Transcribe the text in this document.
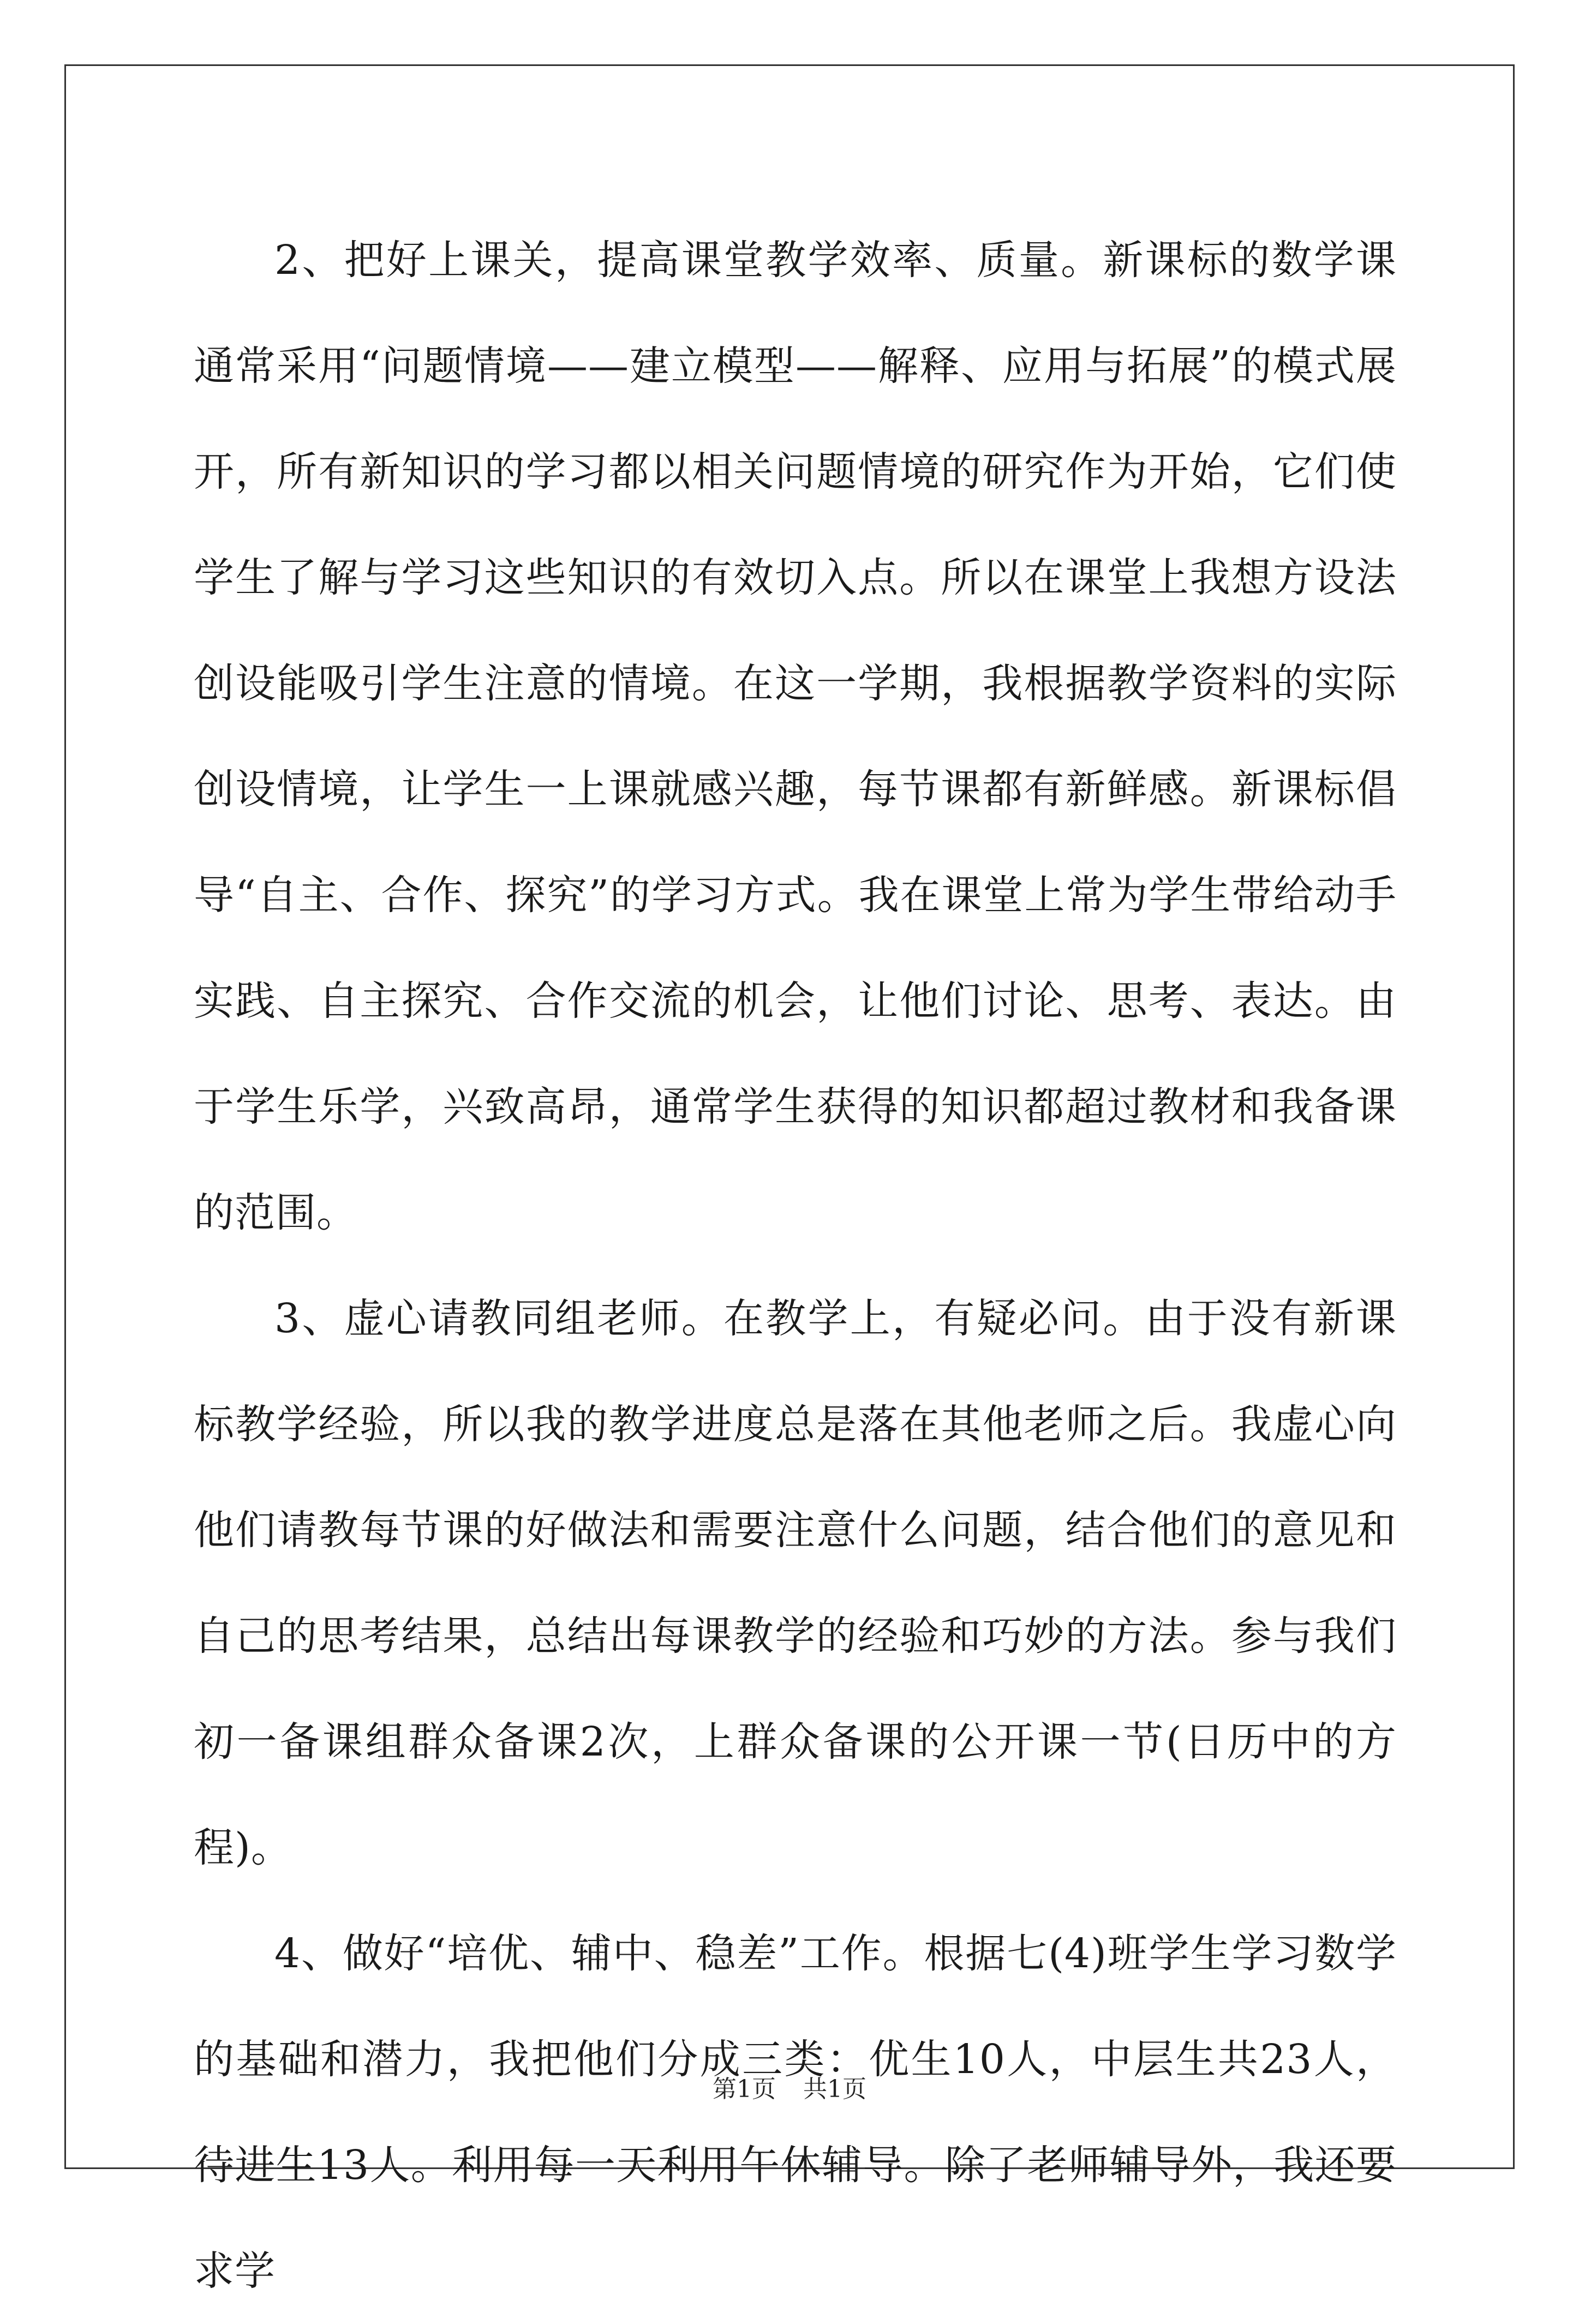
2、把好上课关，提高课堂教学效率、质量。新课标的数学课通常采用“问题情境——建立模型——解释、应用与拓展”的模式展开，所有新知识的学习都以相关问题情境的研究作为开始，它们使学生了解与学习这些知识的有效切入点。所以在课堂上我想方设法创设能吸引学生注意的情境。在这一学期，我根据教学资料的实际创设情境，让学生一上课就感兴趣，每节课都有新鲜感。新课标倡导“自主、合作、探究”的学习方式。我在课堂上常为学生带给动手实践、自主探究、合作交流的机会，让他们讨论、思考、表达。由于学生乐学，兴致高昂，通常学生获得的知识都超过教材和我备课的范围。

3、虚心请教同组老师。在教学上，有疑必问。由于没有新课标教学经验，所以我的教学进度总是落在其他老师之后。我虚心向他们请教每节课的好做法和需要注意什么问题，结合他们的意见和自己的思考结果，总结出每课教学的经验和巧妙的方法。参与我们初一备课组群众备课2次，上群众备课的公开课一节(日历中的方程)。

4、做好“培优、辅中、稳差”工作。根据七(4)班学生学习数学的基础和潜力，我把他们分成三类：优生10人，中层生共23人，待进生13人。利用每一天利用午休辅导。除了老师辅导外，我还要求学

第1页 共1页
